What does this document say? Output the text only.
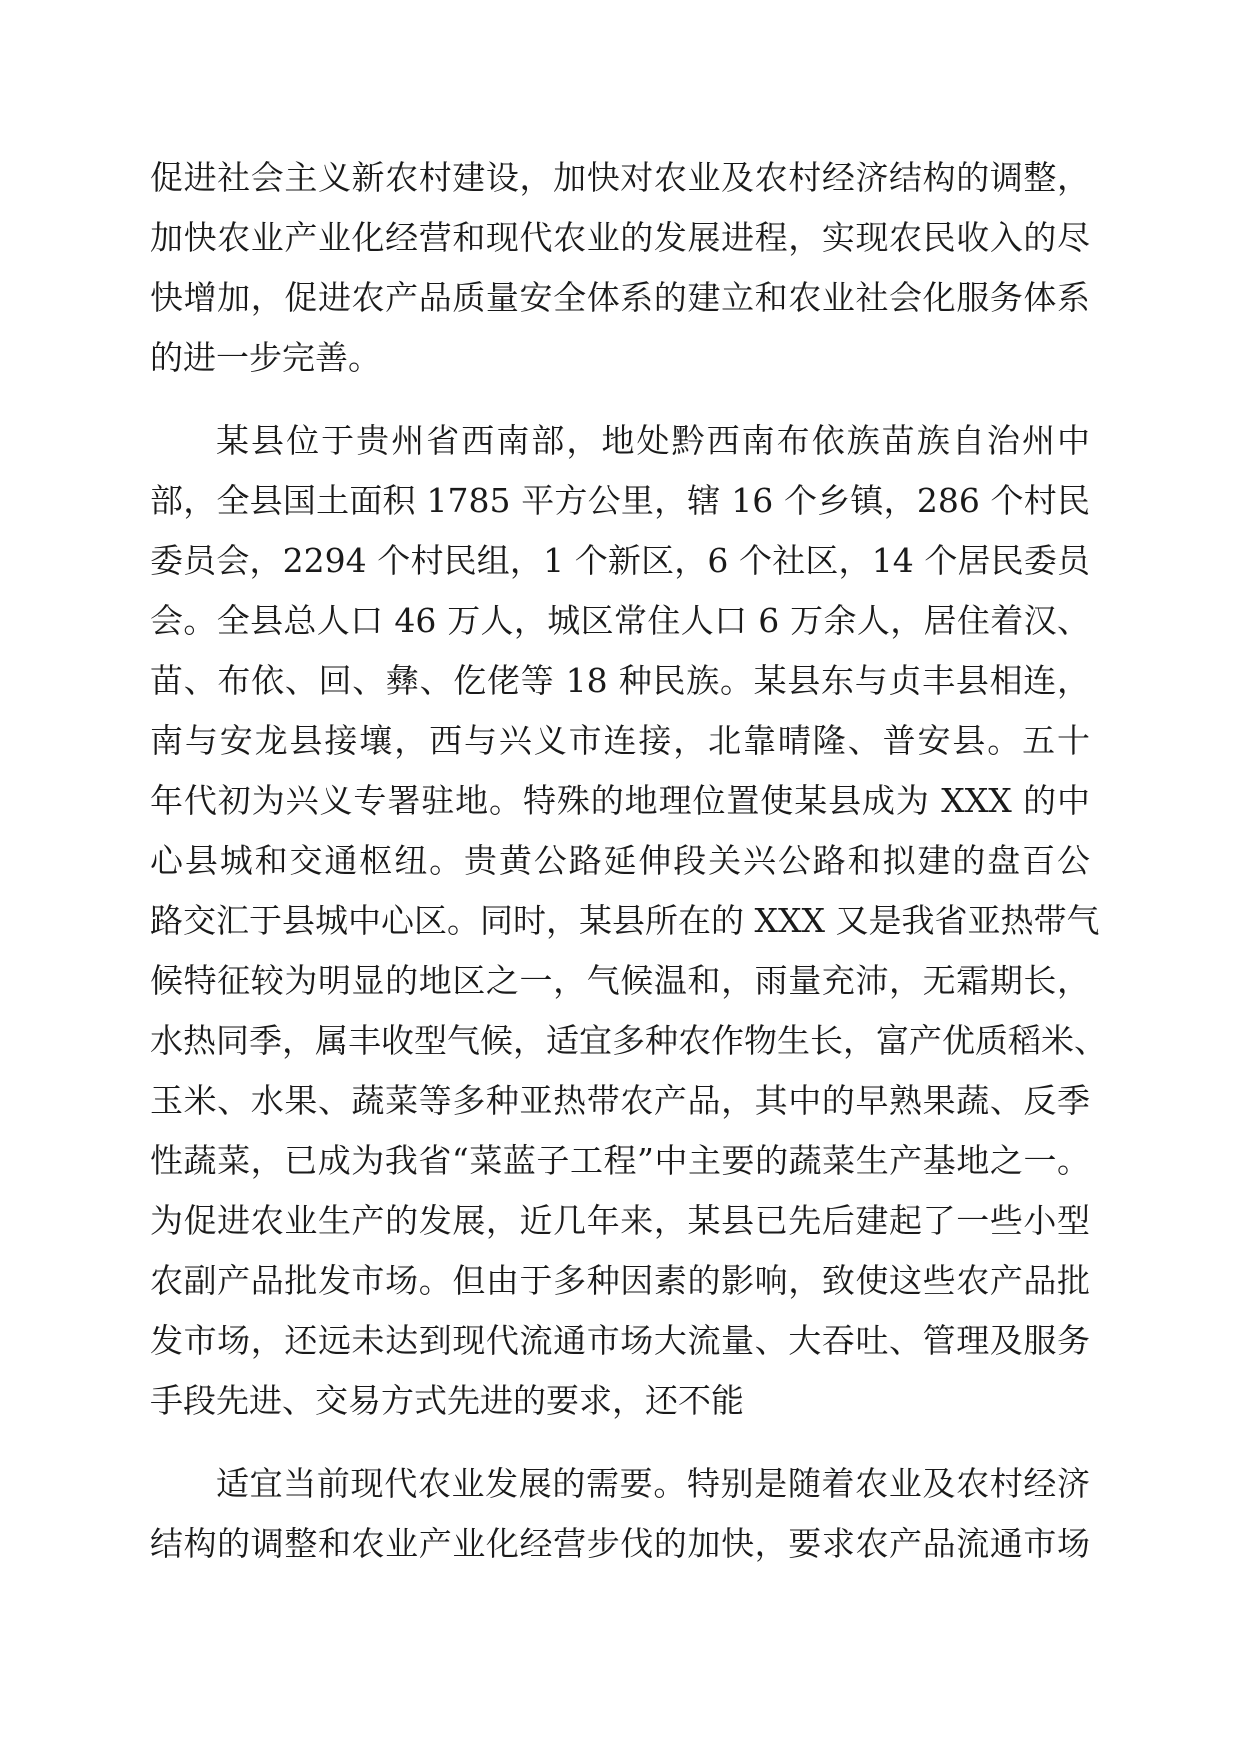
促进社会主义新农村建设，加快对农业及农村经济结构的调整，
加快农业产业化经营和现代农业的发展进程，实现农民收入的尽
快增加，促进农产品质量安全体系的建立和农业社会化服务体系
的进一步完善。

某县位于贵州省西南部，地处黔西南布依族苗族自治州中
部，全县国土面积 1785 平方公里，辖 16 个乡镇，286 个村民
委员会，2294 个村民组，1 个新区，6 个社区，14 个居民委员
会。全县总人口 46 万人，城区常住人口 6 万余人，居住着汉、
苗、布依、回、彝、仡佬等 18 种民族。某县东与贞丰县相连，
南与安龙县接壤，西与兴义市连接，北靠晴隆、普安县。五十
年代初为兴义专署驻地。特殊的地理位置使某县成为 XXX 的中
心县城和交通枢纽。贵黄公路延伸段关兴公路和拟建的盘百公
路交汇于县城中心区。同时，某县所在的 XXX 又是我省亚热带气
候特征较为明显的地区之一，气候温和，雨量充沛，无霜期长，
水热同季，属丰收型气候，适宜多种农作物生长，富产优质稻米、
玉米、水果、蔬菜等多种亚热带农产品，其中的早熟果蔬、反季
性蔬菜，已成为我省“菜蓝子工程”中主要的蔬菜生产基地之一。
为促进农业生产的发展，近几年来，某县已先后建起了一些小型
农副产品批发市场。但由于多种因素的影响，致使这些农产品批
发市场，还远未达到现代流通市场大流量、大吞吐、管理及服务
手段先进、交易方式先进的要求，还不能

适宜当前现代农业发展的需要。特别是随着农业及农村经济
结构的调整和农业产业化经营步伐的加快，要求农产品流通市场
